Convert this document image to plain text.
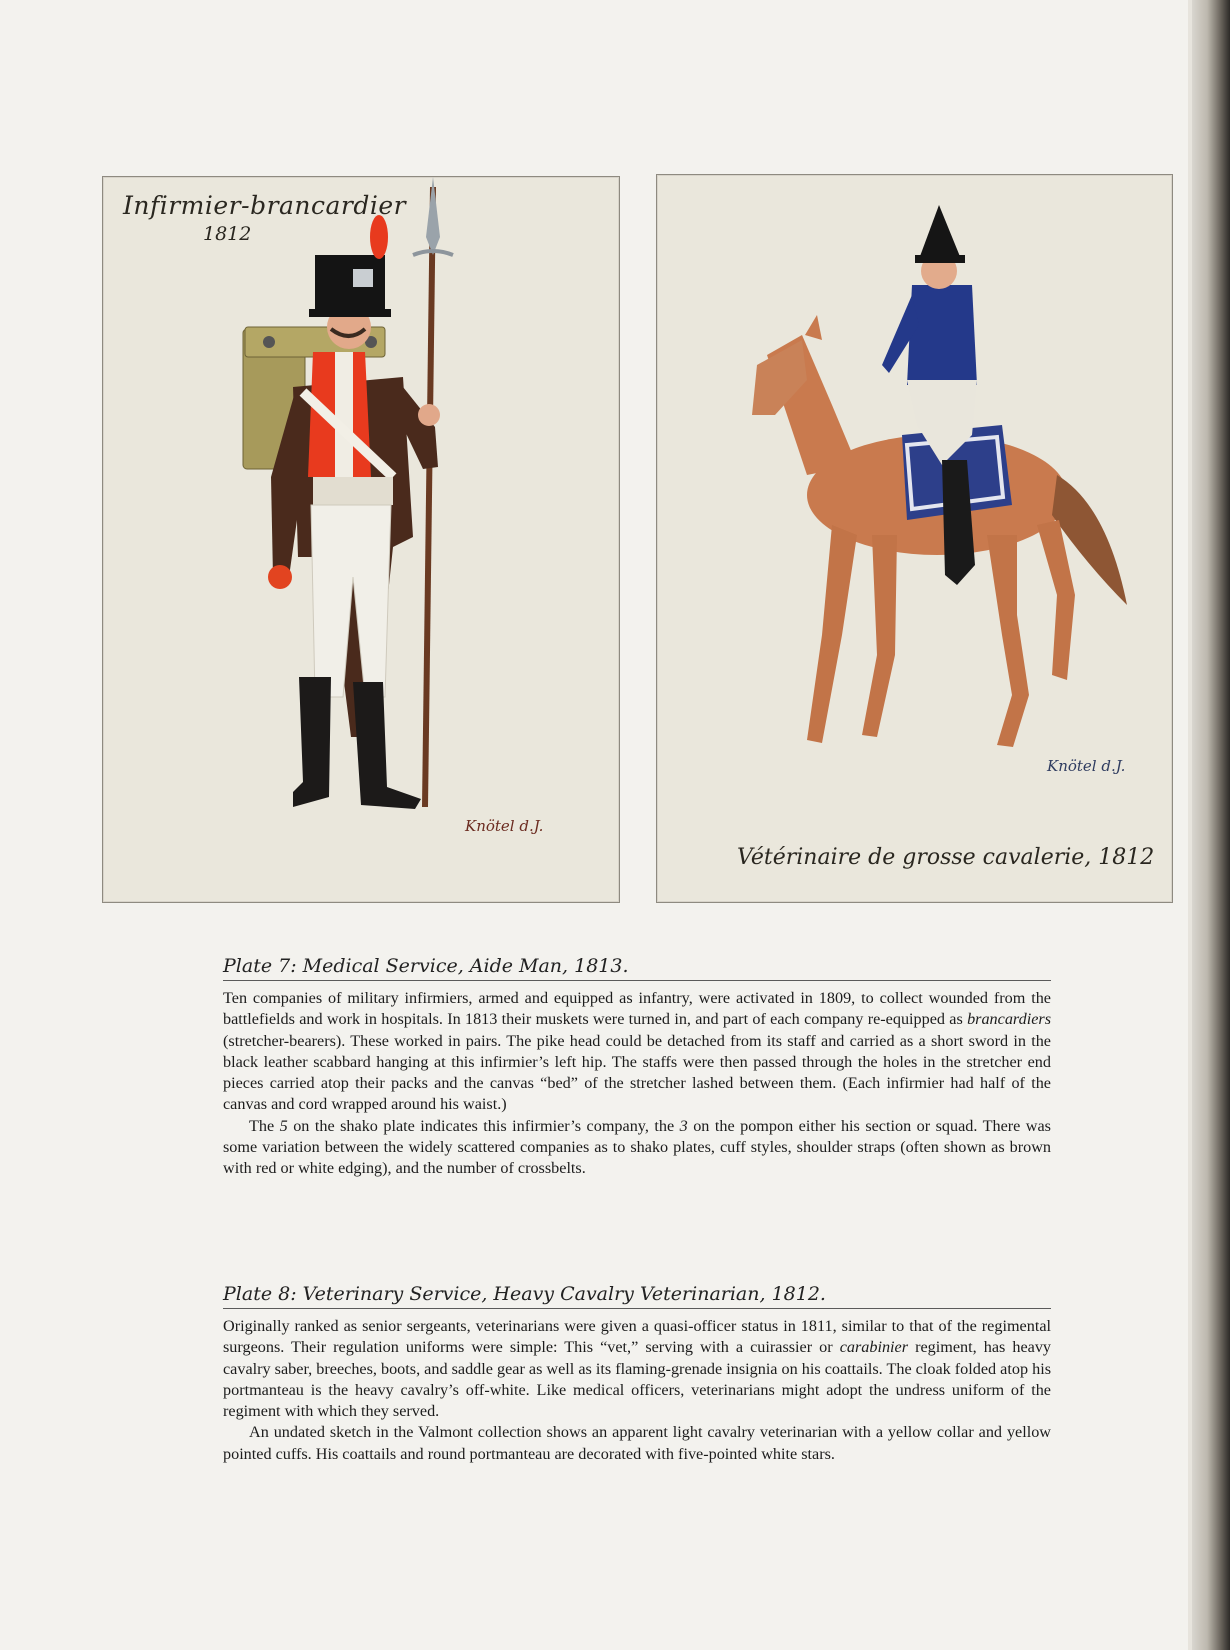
Infirmier-brancardier
1812
Knötel d.J.
Knötel d.J.
Vétérinaire de grosse cavalerie, 1812
Plate 7: Medical Service, Aide Man, 1813.

Ten companies of military infirmiers, armed and equipped as infantry, were activated in 1809, to collect wounded from the battlefields and work in hospitals. In 1813 their muskets were turned in, and part of each company re-equipped as brancardiers (stretcher-bearers). These worked in pairs. The pike head could be detached from its staff and carried as a short sword in the black leather scabbard hanging at this infirmier’s left hip. The staffs were then passed through the holes in the stretcher end pieces carried atop their packs and the canvas “bed” of the stretcher lashed between them. (Each infirmier had half of the canvas and cord wrapped around his waist.)

The 5 on the shako plate indicates this infirmier’s company, the 3 on the pompon either his section or squad. There was some variation between the widely scattered companies as to shako plates, cuff styles, shoulder straps (often shown as brown with red or white edging), and the number of crossbelts.

Plate 8: Veterinary Service, Heavy Cavalry Veterinarian, 1812.

Originally ranked as senior sergeants, veterinarians were given a quasi-officer status in 1811, similar to that of the regimental surgeons. Their regulation uniforms were simple: This “vet,” serving with a cuirassier or carabinier regiment, has heavy cavalry saber, breeches, boots, and saddle gear as well as its flaming-grenade insignia on his coattails. The cloak folded atop his portmanteau is the heavy cavalry’s off-white. Like medical officers, veterinarians might adopt the undress uniform of the regiment with which they served.

An undated sketch in the Valmont collection shows an apparent light cavalry veterinarian with a yellow collar and yellow pointed cuffs. His coattails and round portmanteau are decorated with five-pointed white stars.
